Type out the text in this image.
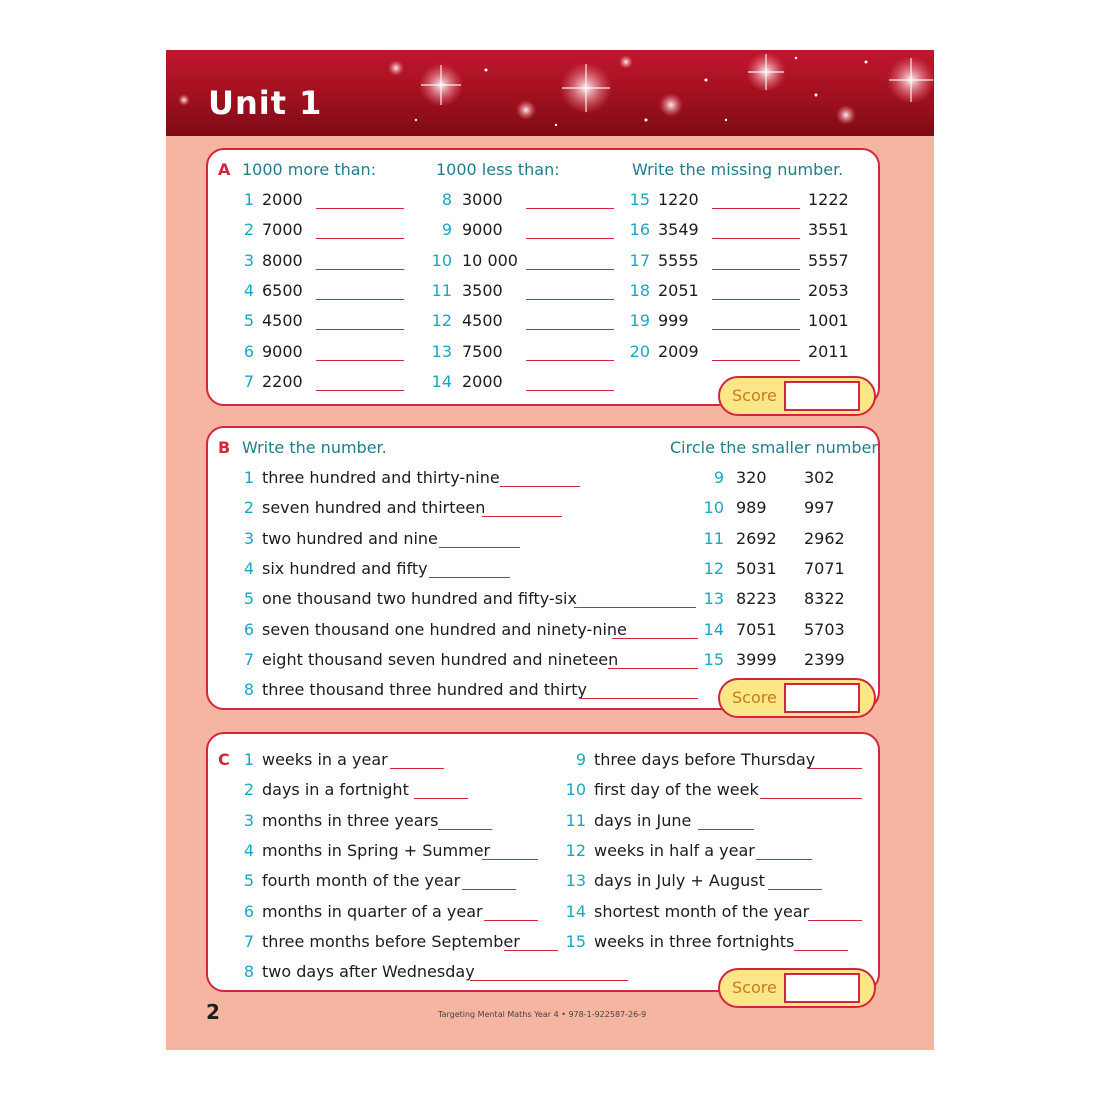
Unit 1
A 1000 more than:	1000 less than:	Write the missing number.
1 2000
2 7000
3 8000
4 6500
5 4500
6 9000
7 2200
8 3000
9 9000
10 10 000
11 3500
12 4500
13 7500
14 2000
15 1220	1222
16 3549	3551
17 5555	5557
18 2051	2053
19 999	1001
20 2009	2011
Score
B Write the number.	Circle the smaller number.
1 three hundred and thirty-nine
2 seven hundred and thirteen
3 two hundred and nine
4 six hundred and fifty
5 one thousand two hundred and fifty-six
6 seven thousand one hundred and ninety-nine
7 eight thousand seven hundred and nineteen
8 three thousand three hundred and thirty
9 320 302
10 989 997
11 2692 2962
12 5031 7071
13 8223 8322
14 7051 5703
15 3999 2399
Score
C 1 weeks in a year
2 days in a fortnight
3 months in three years
4 months in Spring + Summer
5 fourth month of the year
6 months in quarter of a year
7 three months before September
8 two days after Wednesday
9 three days before Thursday
10 first day of the week
11 days in June
12 weeks in half a year
13 days in July + August
14 shortest month of the year
15 weeks in three fortnights
Score
2	Targeting Mental Maths Year 4 • 978-1-922587-26-9
